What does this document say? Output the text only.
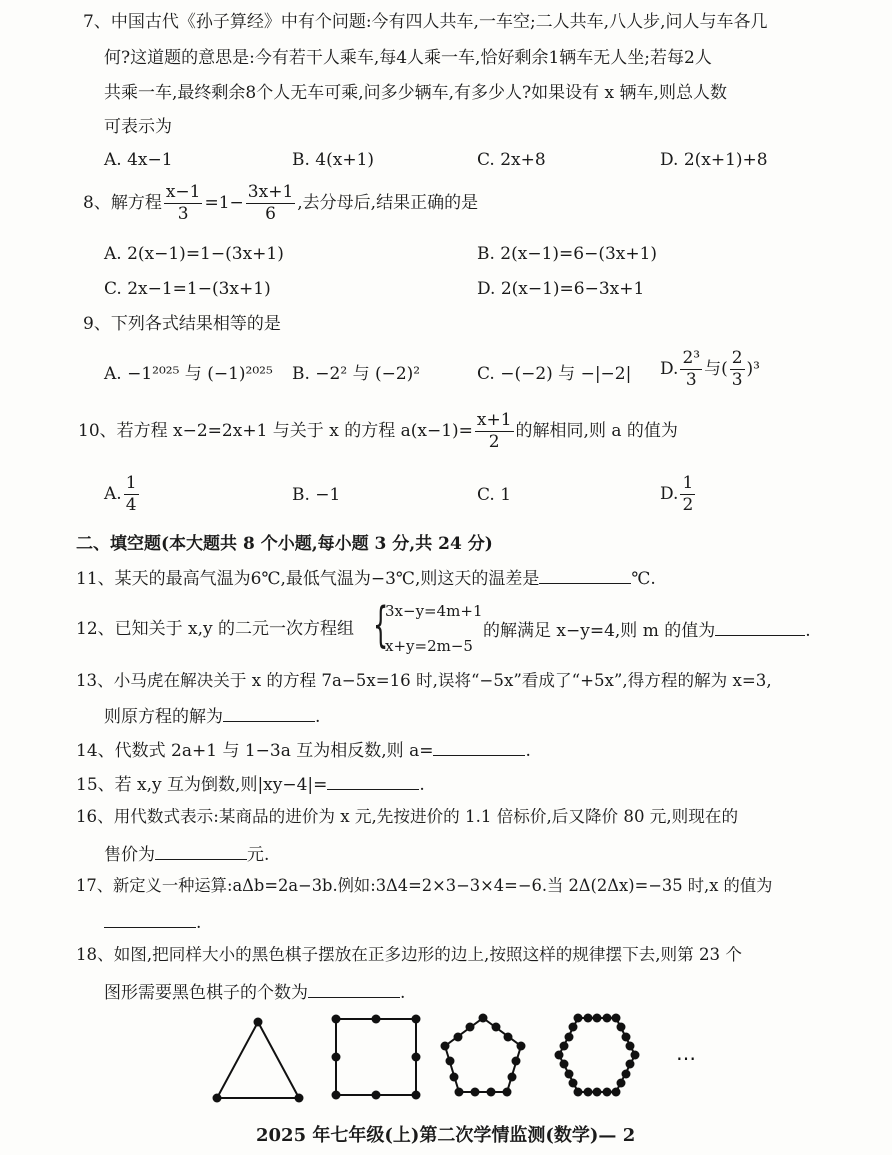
7、中国古代《孙子算经》中有个问题:今有四人共车,一车空;二人共车,八人步,问人与车各几
何?这道题的意思是:今有若干人乘车,每4人乘一车,恰好剩余1辆车无人坐;若每2人
共乘一车,最终剩余8个人无车可乘,问多少辆车,有多少人?如果设有 x 辆车,则总人数
可表示为
A. 4x−1	B. 4(x+1)	C. 2x+8	D. 2(x+1)+8
8、解方程 $\frac{x-1}{3} =1- \frac{3x+1}{6}$ ,去分母后,结果正确的是
A. 2(x−1)=1−(3x+1)	B. 2(x−1)=6−(3x+1)
C. 2x−1=1−(3x+1)	D. 2(x−1)=6−3x+1
9、下列各式结果相等的是
A. −1²⁰²⁵ 与 (−1)²⁰²⁵ B. −2² 与 (−2)²	C. −(−2) 与 −|−2| D. $\frac{\text{2³}}{3}$ 与( $\frac{2}{3} )^3$
10、若方程 x−2=2x+1 与关于 x 的方程 $a(x-1)= \frac{x+1}{2}$ 的解相同,则 a 的值为
A. $\frac{1}{4}$	B. −1	C. 1	D. $\frac{1}{2}$
二、填空题(本大题共 8 个小题,每小题 3 分,共 24 分)
11、某天的最高气温为6℃,最低气温为−3℃,则这天的温差是	℃.
12、已知关于 x,y 的二元一次方程组 {
3x−y=4m+1
x+y=2m−5
的解满足 x−y=4,则 m 的值为	.
13、小马虎在解决关于 x 的方程 7a−5x=16 时,误将“−5x”看成了“+5x”,得方程的解为 x=3,
则原方程的解为	.
14、代数式 2a+1 与 1−3a 互为相反数,则 a=	.
15、若 x,y 互为倒数,则|xy−4|=	.
16、用代数式表示:某商品的进价为 x 元,先按进价的 1.1 倍标价,后又降价 80 元,则现在的
售价为	元.
17、新定义一种运算:aΔb=2a−3b.例如:3Δ4=2×3−3×4=−6.当 2Δ(2Δx)=−35 时,x 的值为
.
18、如图,把同样大小的黑色棋子摆放在正多边形的边上,按照这样的规律摆下去,则第 23 个
图形需要黑色棋子的个数为	.
…
2025 年七年级(上)第二次学情监测(数学)— 2
